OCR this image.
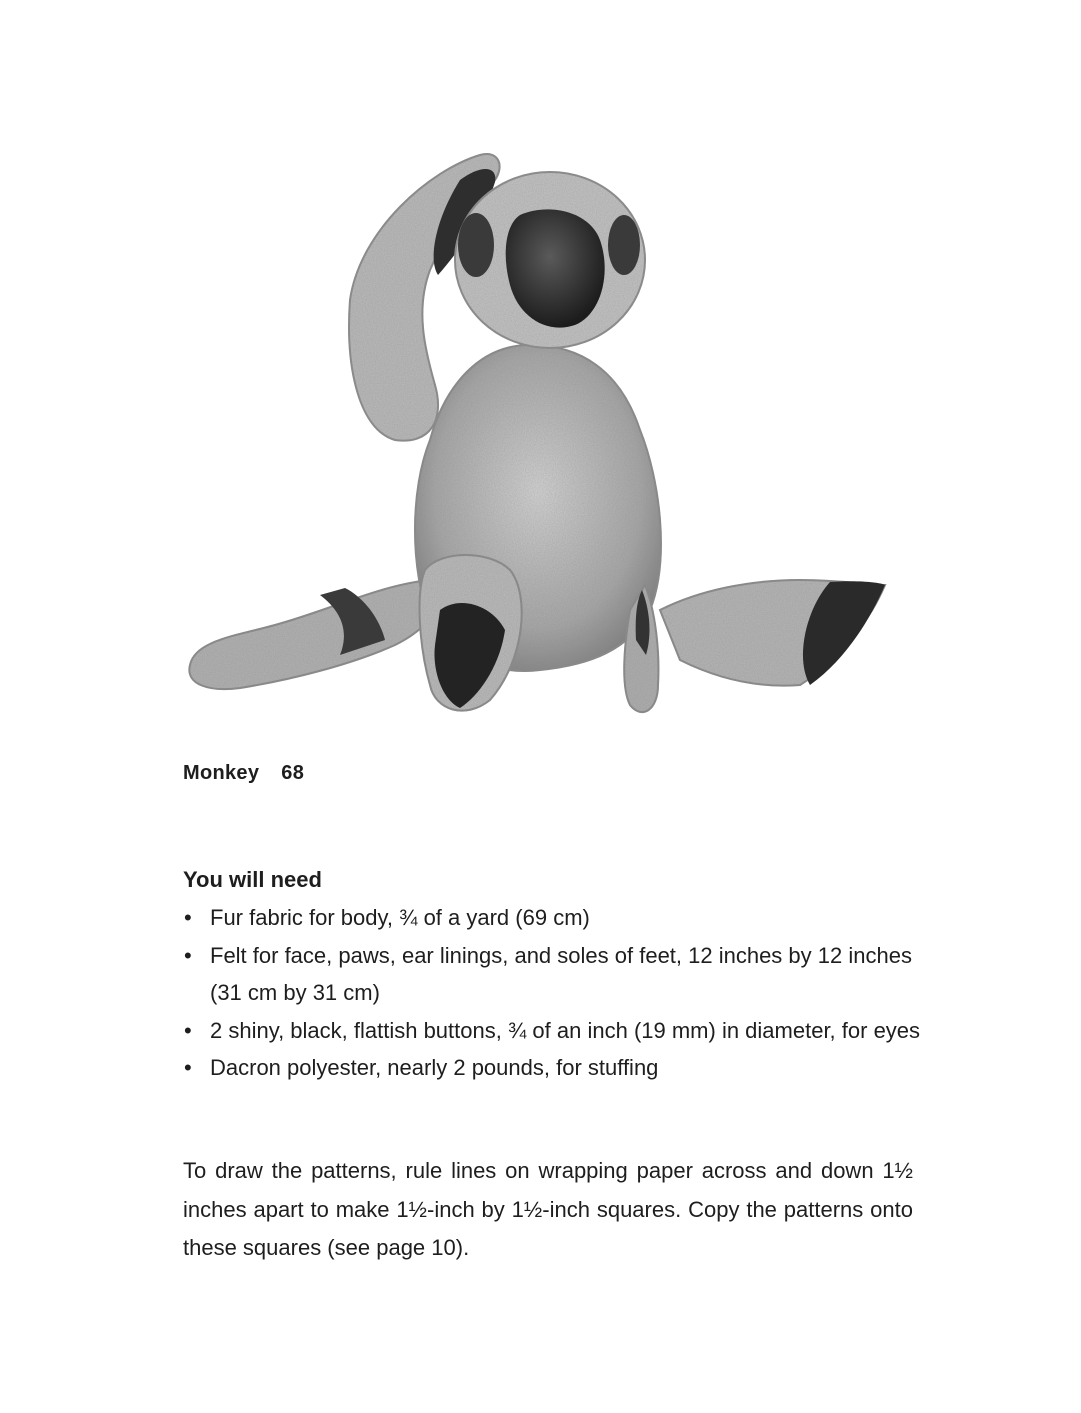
Monkey 68
You will need
• Fur fabric for body, ¾ of a yard (69 cm)
• Felt for face, paws, ear linings, and soles of feet, 12 inches by 12 inches (31 cm by 31 cm)
• 2 shiny, black, flattish buttons, ¾ of an inch (19 mm) in diameter, for eyes
• Dacron polyester, nearly 2 pounds, for stuffing

To draw the patterns, rule lines on wrapping paper across and down 1½ inches apart to make 1½-inch by 1½-inch squares. Copy the patterns onto these squares (see page 10).
